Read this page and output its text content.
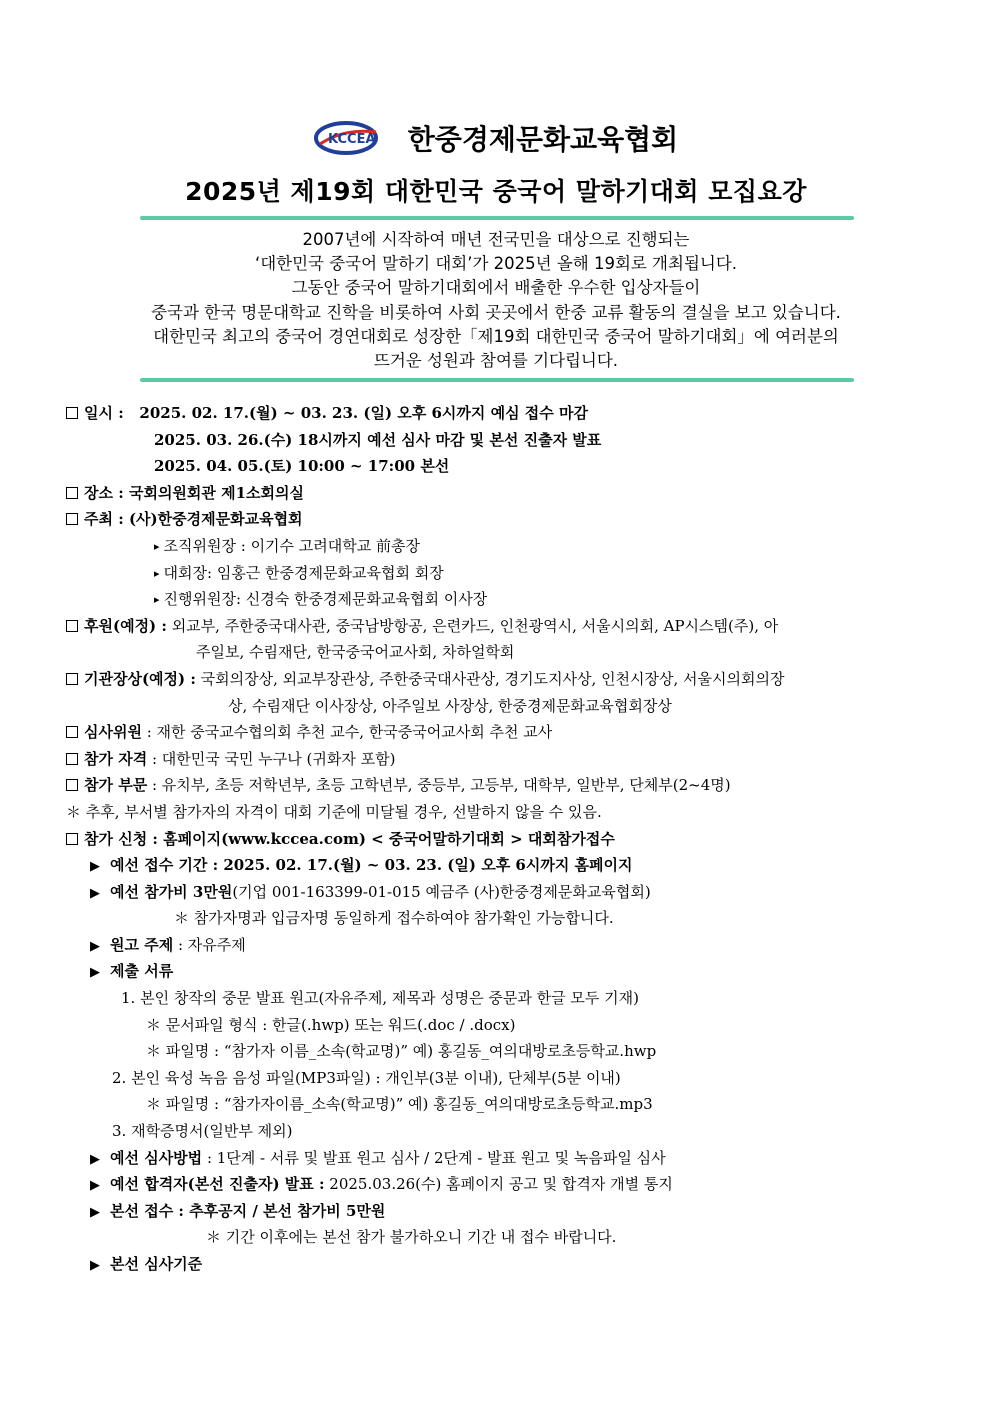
KCCEA 한중경제문화교육협회
2025년 제19회 대한민국 중국어 말하기대회 모집요강
2007년에 시작하여 매년 전국민을 대상으로 진행되는
‘대한민국 중국어 말하기 대회’가 2025년 올해 19회로 개최됩니다.
그동안 중국어 말하기대회에서 배출한 우수한 입상자들이
중국과 한국 명문대학교 진학을 비롯하여 사회 곳곳에서 한중 교류 활동의 결실을 보고 있습니다.
대한민국 최고의 중국어 경연대회로 성장한「제19회 대한민국 중국어 말하기대회」에 여러분의
뜨거운 성원과 참여를 기다립니다.
일시 : 2025. 02. 17.(월) ~ 03. 23. (일) 오후 6시까지 예심 접수 마감
2025. 03. 26.(수) 18시까지 예선 심사 마감 및 본선 진출자 발표
2025. 04. 05.(토) 10:00 ~ 17:00 본선
장소 : 국회의원회관 제1소회의실
주최 : (사)한중경제문화교육협회
▸ 조직위원장 : 이기수 고려대학교 前총장
▸ 대회장: 임홍근 한중경제문화교육협회 회장
▸ 진행위원장: 신경숙 한중경제문화교육협회 이사장
후원(예정) : 외교부, 주한중국대사관, 중국남방항공, 은련카드, 인천광역시, 서울시의회, AP시스템(주), 아
주일보, 수림재단, 한국중국어교사회, 차하얼학회
기관장상(예정) : 국회의장상, 외교부장관상, 주한중국대사관상, 경기도지사상, 인천시장상, 서울시의회의장
상, 수림재단 이사장상, 아주일보 사장상, 한중경제문화교육협회장상
심사위원 : 재한 중국교수협의회 추천 교수, 한국중국어교사회 추천 교사
참가 자격 : 대한민국 국민 누구나 (귀화자 포함)
참가 부문 : 유치부, 초등 저학년부, 초등 고학년부, 중등부, 고등부, 대학부, 일반부, 단체부(2~4명)
＊ 추후, 부서별 참가자의 자격이 대회 기준에 미달될 경우, 선발하지 않을 수 있음.
참가 신청 : 홈페이지(www.kccea.com) < 중국어말하기대회 > 대회참가접수
▶ 예선 접수 기간 : 2025. 02. 17.(월) ~ 03. 23. (일) 오후 6시까지 홈페이지
▶ 예선 참가비 3만원(기업 001-163399-01-015 예금주 (사)한중경제문화교육협회)
＊ 참가자명과 입금자명 동일하게 접수하여야 참가확인 가능합니다.
▶ 원고 주제 : 자유주제
▶ 제출 서류
1. 본인 창작의 중문 발표 원고(자유주제, 제목과 성명은 중문과 한글 모두 기재)
＊ 문서파일 형식 : 한글(.hwp) 또는 워드(.doc / .docx)
＊ 파일명 : “참가자 이름_소속(학교명)” 예) 홍길동_여의대방로초등학교.hwp
2. 본인 육성 녹음 음성 파일(MP3파일) : 개인부(3분 이내), 단체부(5분 이내)
＊ 파일명 : “참가자이름_소속(학교명)” 예) 홍길동_여의대방로초등학교.mp3
3. 재학증명서(일반부 제외)
▶ 예선 심사방법 : 1단계 - 서류 및 발표 원고 심사 / 2단계 - 발표 원고 및 녹음파일 심사
▶ 예선 합격자(본선 진출자) 발표 : 2025.03.26(수) 홈페이지 공고 및 합격자 개별 통지
▶ 본선 접수 : 추후공지 / 본선 참가비 5만원
＊ 기간 이후에는 본선 참가 불가하오니 기간 내 접수 바랍니다.
▶ 본선 심사기준
